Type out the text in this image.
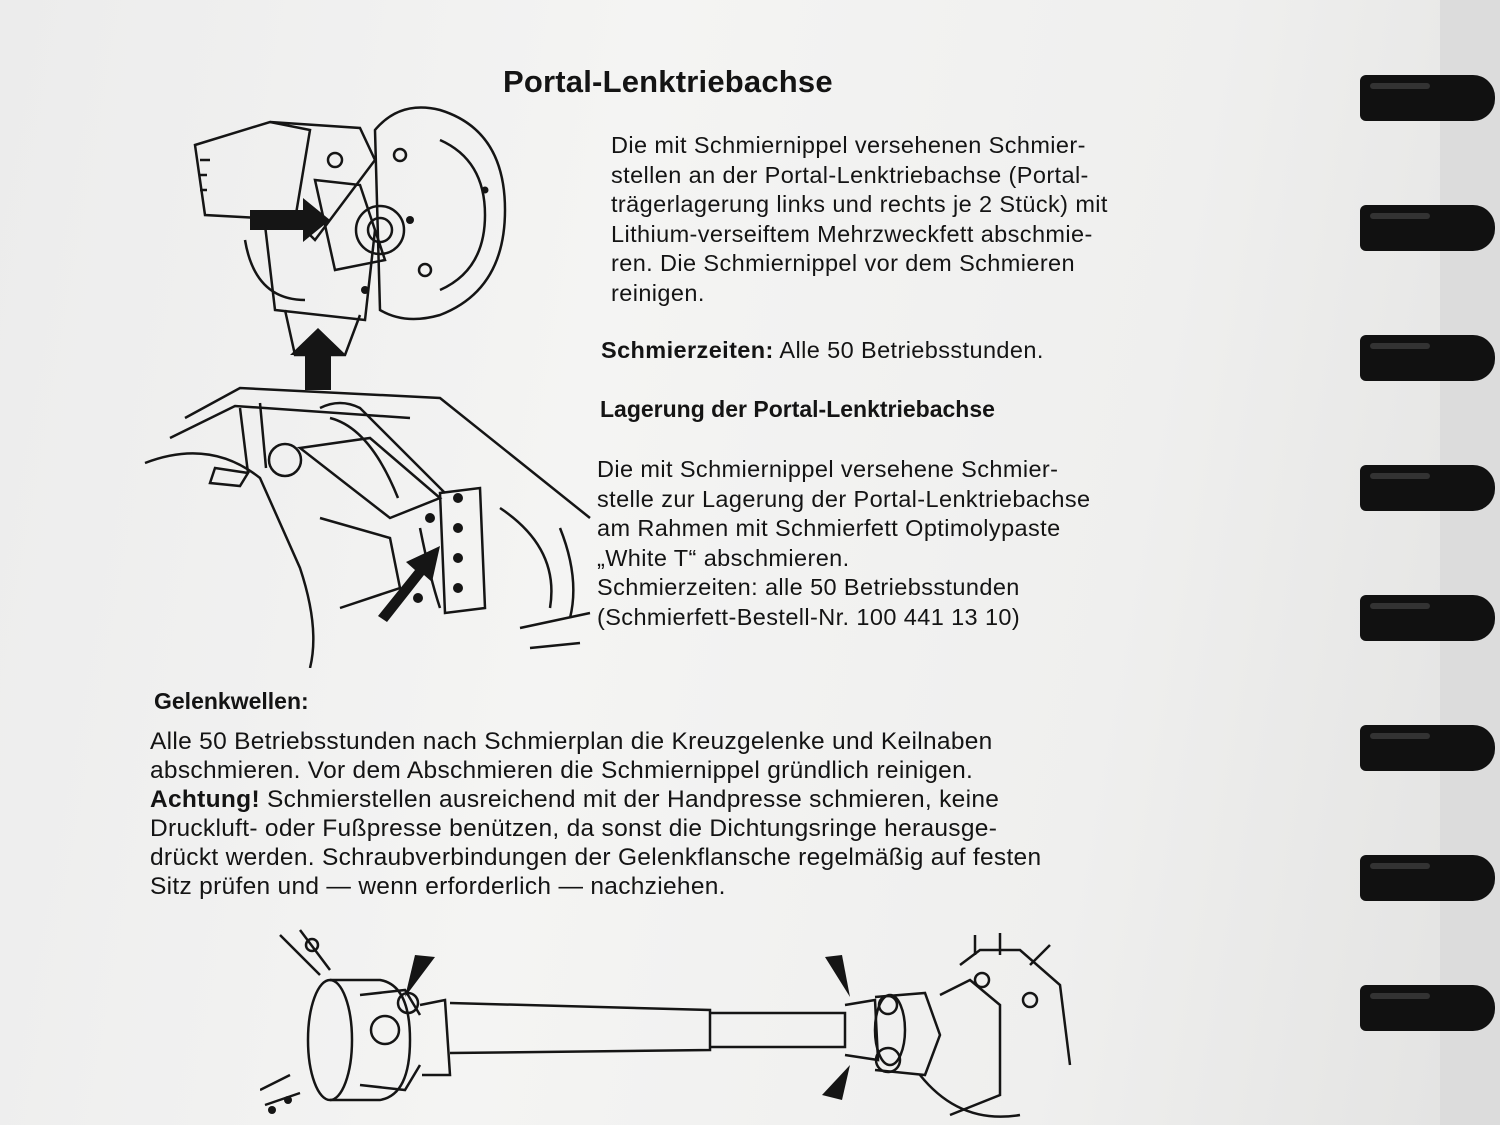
Portal-Lenktriebachse
Die mit Schmiernippel versehenen Schmier-
stellen an der Portal-Lenktriebachse (Portal-
trägerlagerung links und rechts je 2 Stück) mit
Lithium-verseiftem Mehrzweckfett abschmie-
ren. Die Schmiernippel vor dem Schmieren
reinigen.
Schmierzeiten: Alle 50 Betriebsstunden.
Lagerung der Portal-Lenktriebachse
Die mit Schmiernippel versehene Schmier-
stelle zur Lagerung der Portal-Lenktriebachse
am Rahmen mit Schmierfett Optimolypaste
„White T“ abschmieren.
Schmierzeiten: alle 50 Betriebsstunden
(Schmierfett-Bestell-Nr. 100 441 13 10)
Gelenkwellen:
Alle 50 Betriebsstunden nach Schmierplan die Kreuzgelenke und Keilnaben
abschmieren. Vor dem Abschmieren die Schmiernippel gründlich reinigen.
Achtung! Schmierstellen ausreichend mit der Handpresse schmieren, keine
Druckluft- oder Fußpresse benützen, da sonst die Dichtungsringe herausge-
drückt werden. Schraubverbindungen der Gelenkflansche regelmäßig auf festen
Sitz prüfen und — wenn erforderlich — nachziehen.
